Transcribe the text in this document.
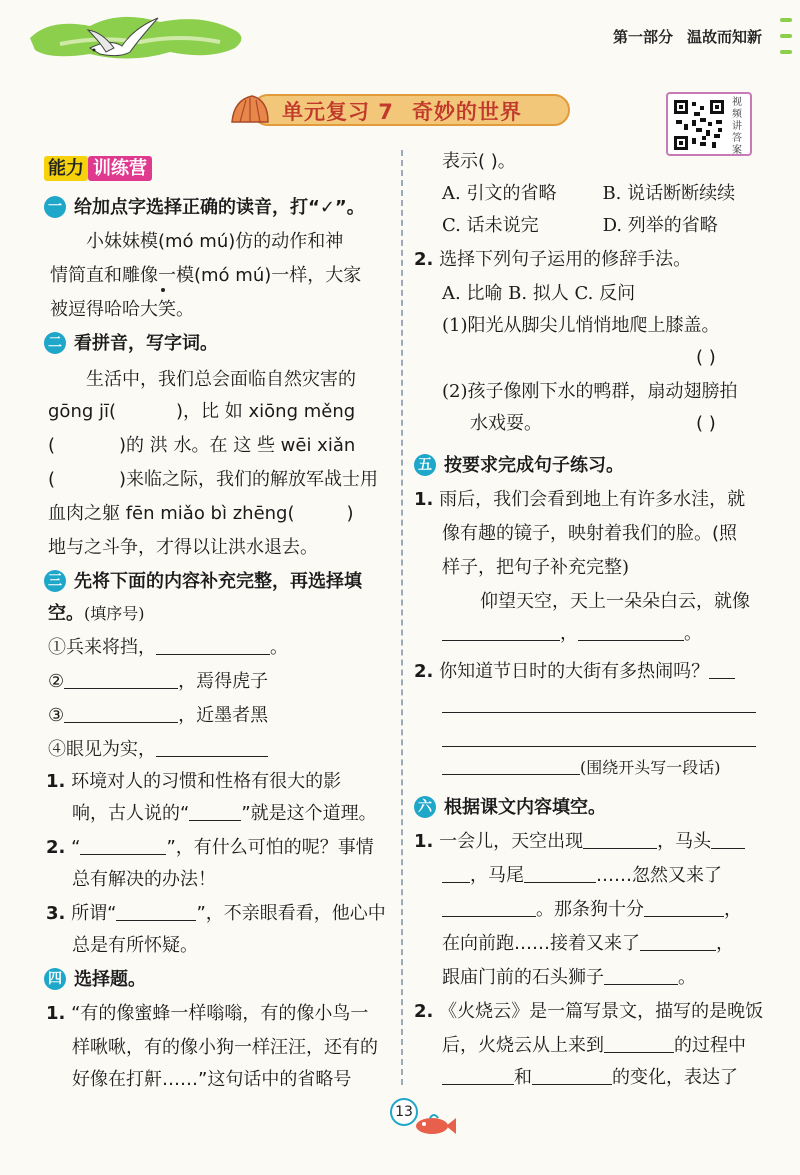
第一部分 温故而知新
单元复习 7 奇妙的世界	视频讲答案
能力 训练营
一 给加点字选择正确的读音，打“✓”。
小妹妹模(mó mú)仿的动作和神
情简直和雕像一模(mó mú)一样，大家
被逗得哈哈大笑。
二 看拼音，写字词。
生活中，我们总会面临自然灾害的
gōng jī(	)，比 如 xiōng měng
(	)的 洪 水。在 这 些 wēi xiǎn
(	)来临之际，我们的解放军战士用
血肉之躯 fēn miǎo bì zhēng(	)
地与之斗争，才得以让洪水退去。
三 先将下面的内容补充完整，再选择填
空。(填序号)
①兵来将挡，	。
②	，焉得虎子
③	，近墨者黑
④眼见为实，
1. 环境对人的习惯和性格有很大的影
响，古人说的“	”就是这个道理。
2. “	”，有什么可怕的呢？事情
总有解决的办法！
3. 所谓“	”，不亲眼看看，他心中
总是有所怀疑。
四 选择题。
1. “有的像蜜蜂一样嗡嗡，有的像小鸟一
样啾啾，有的像小狗一样汪汪，还有的
好像在打鼾……”这句话中的省略号
表示( )。
A. 引文的省略	B. 说话断断续续
C. 话未说完	D. 列举的省略
2. 选择下列句子运用的修辞手法。
A. 比喻 B. 拟人 C. 反问
(1)阳光从脚尖儿悄悄地爬上膝盖。
( )
(2)孩子像刚下水的鸭群，扇动翅膀拍
水戏耍。	( )
五 按要求完成句子练习。
1. 雨后，我们会看到地上有许多水洼，就
像有趣的镜子，映射着我们的脸。(照
样子，把句子补充完整)
仰望天空，天上一朵朵白云，就像
，	。
2. 你知道节日时的大街有多热闹吗？
(围绕开头写一段话)
六 根据课文内容填空。
1. 一会儿，天空出现	，马头
，马尾	……忽然又来了
。那条狗十分	，
在向前跑……接着又来了	，
跟庙门前的石头狮子	。
2. 《火烧云》是一篇写景文，描写的是晚饭
后，火烧云从上来到	的过程中
和	的变化，表达了
13
